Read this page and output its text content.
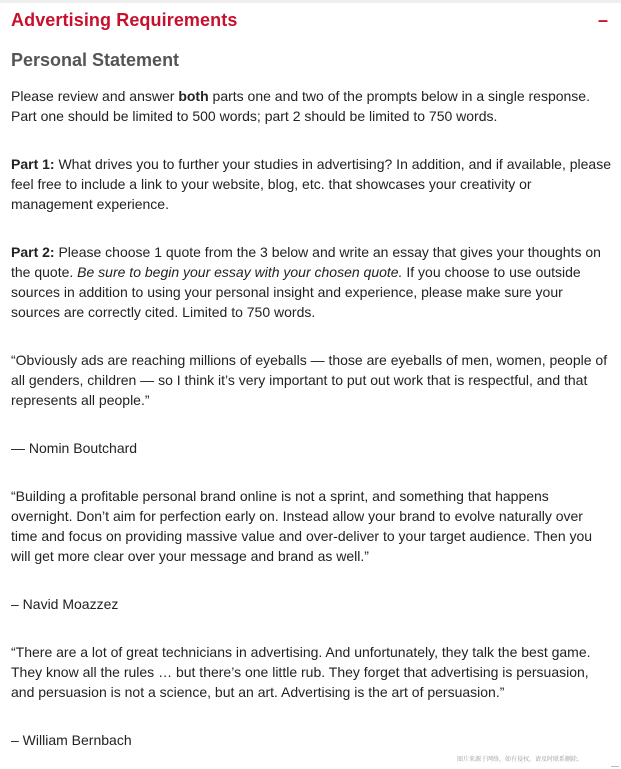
Advertising Requirements	–
Personal Statement

Please review and answer both parts one and two of the prompts below in a single response. Part one should be limited to 500 words; part 2 should be limited to 750 words.

Part 1: What drives you to further your studies in advertising? In addition, and if available, please feel free to include a link to your website, blog, etc. that showcases your creativity or management experience.

Part 2: Please choose 1 quote from the 3 below and write an essay that gives your thoughts on the quote. Be sure to begin your essay with your chosen quote. If you choose to use outside sources in addition to using your personal insight and experience, please make sure your sources are correctly cited. Limited to 750 words.

“Obviously ads are reaching millions of eyeballs — those are eyeballs of men, women, people of all genders, children — so I think it’s very important to put out work that is respectful, and that represents all people.”

— Nomin Boutchard

“Building a profitable personal brand online is not a sprint, and something that happens overnight. Don’t aim for perfection early on. Instead allow your brand to evolve naturally over time and focus on providing massive value and over-deliver to your target audience. Then you will get more clear over your message and brand as well.”

– Navid Moazzez

“There are a lot of great technicians in advertising. And unfortunately, they talk the best game. They know all the rules … but there’s one little rub. They forget that advertising is persuasion, and persuasion is not a science, but an art. Advertising is the art of persuasion.”

– William Bernbach

图片来源于网络，如有侵权，请及时联系删除。
